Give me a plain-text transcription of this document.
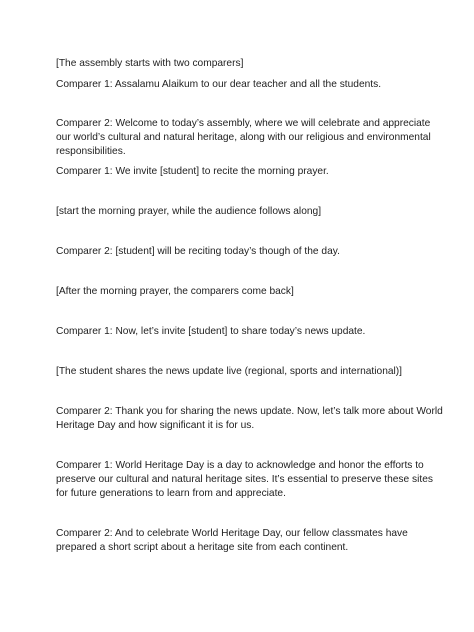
[The assembly starts with two comparers]

Comparer 1: Assalamu Alaikum to our dear teacher and all the students.

Comparer 2: Welcome to today’s assembly, where we will celebrate and appreciate our world’s cultural and natural heritage, along with our religious and environmental responsibilities.

Comparer 1: We invite [student] to recite the morning prayer.

[start the morning prayer, while the audience follows along]

Comparer 2: [student] will be reciting today’s though of the day.

[After the morning prayer, the comparers come back]

Comparer 1: Now, let’s invite [student] to share today’s news update.

[The student shares the news update live (regional, sports and international)]

Comparer 2: Thank you for sharing the news update. Now, let’s talk more about World Heritage Day and how significant it is for us.

Comparer 1: World Heritage Day is a day to acknowledge and honor the efforts to preserve our cultural and natural heritage sites. It’s essential to preserve these sites for future generations to learn from and appreciate.

Comparer 2: And to celebrate World Heritage Day, our fellow classmates have prepared a short script about a heritage site from each continent.
